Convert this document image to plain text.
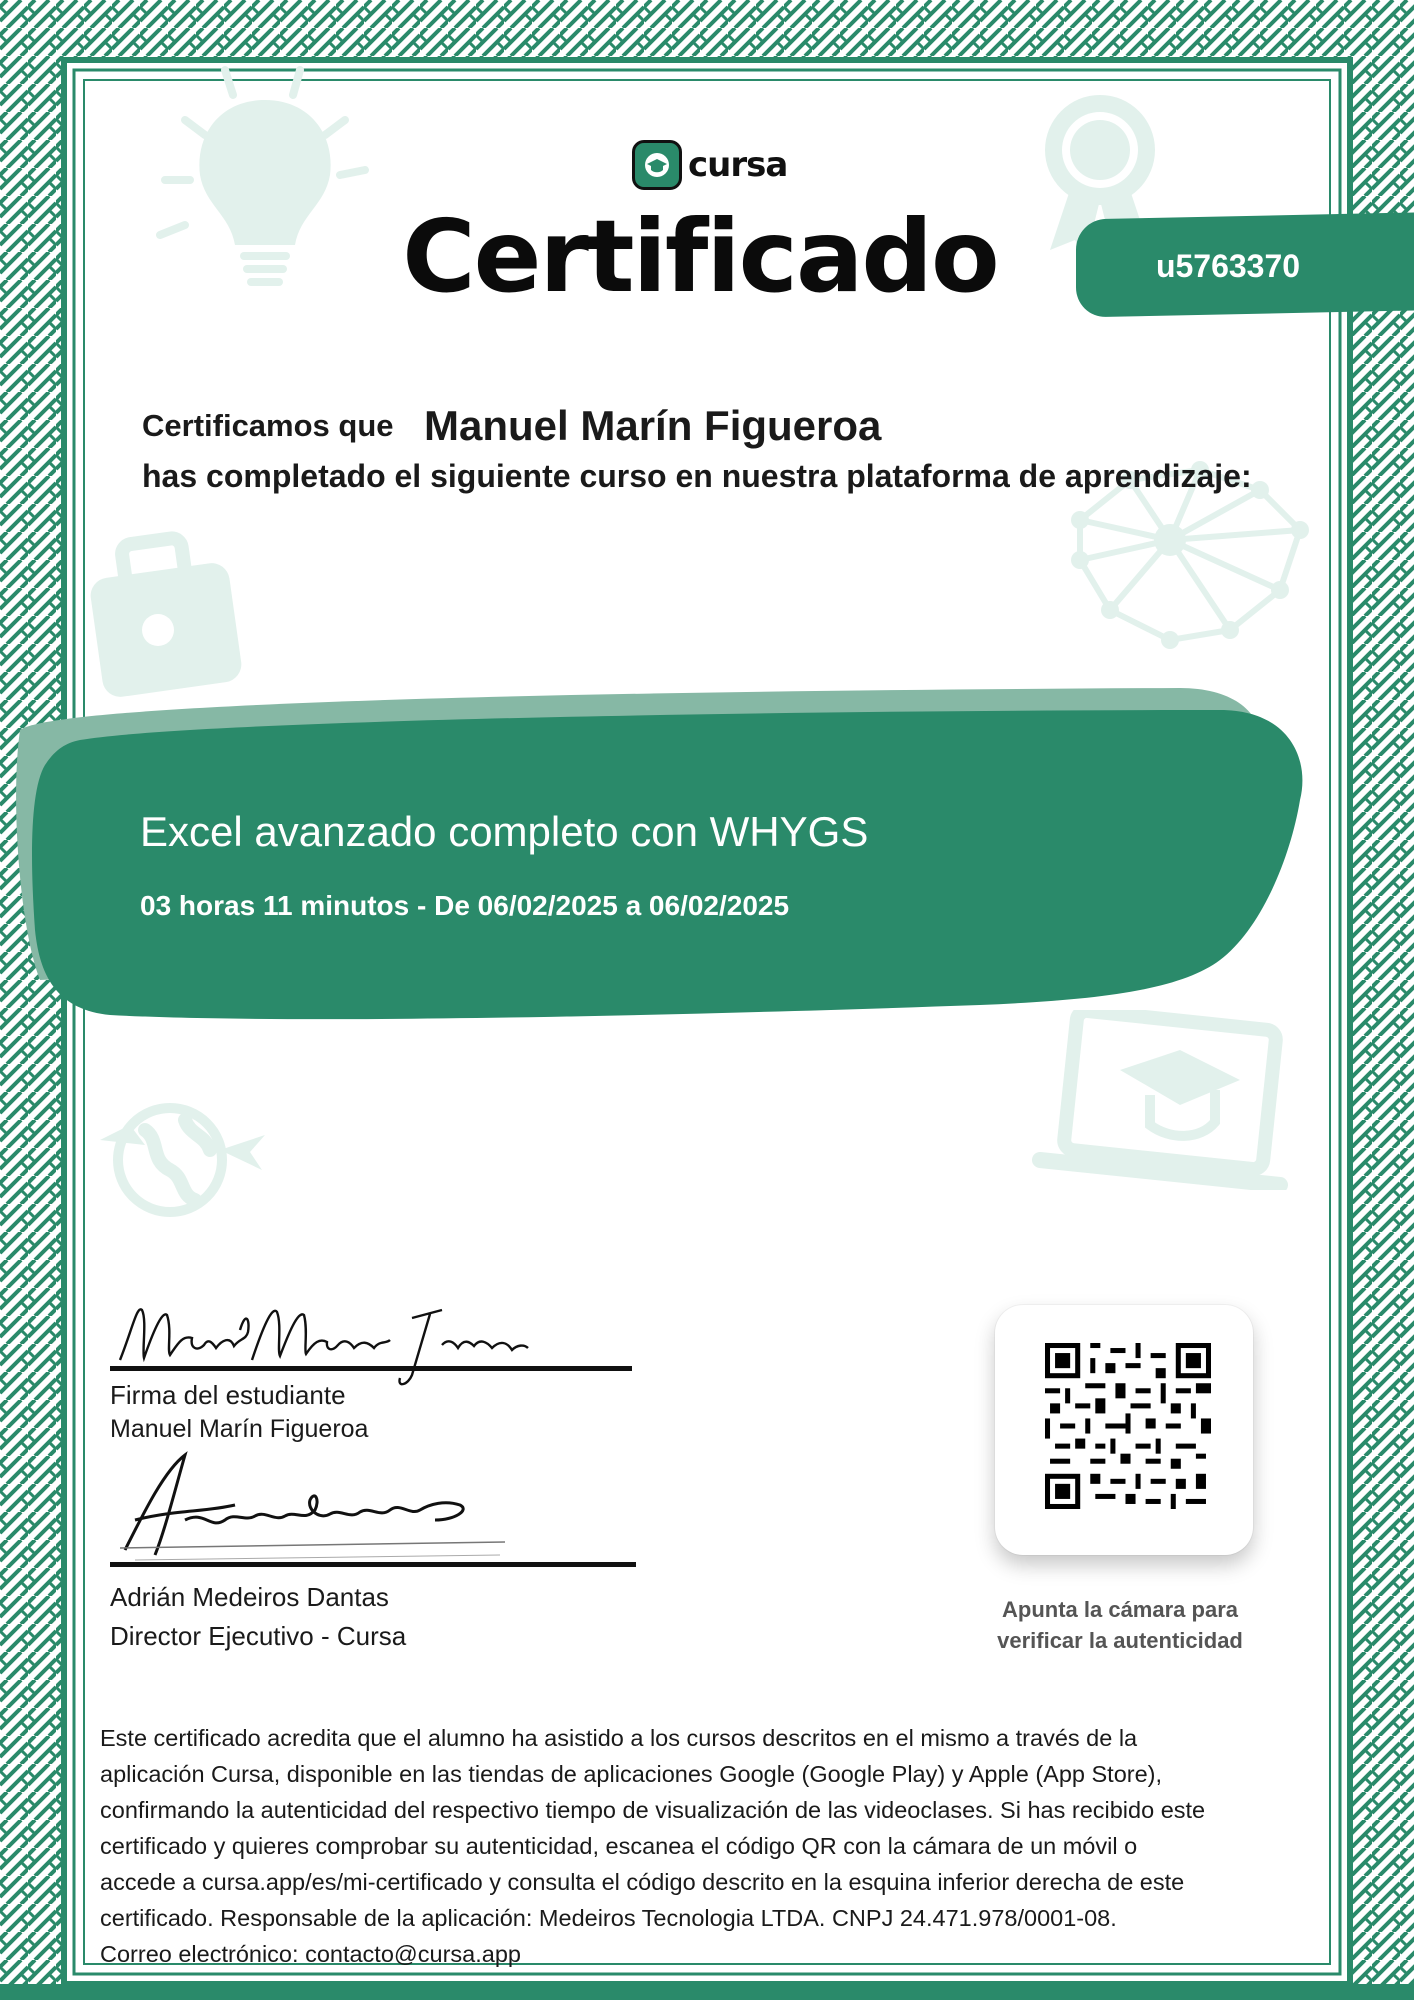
cursa
Certificado	u5763370
Certificamos que Manuel Marín Figueroa
has completado el siguiente curso en nuestra plataforma de aprendizaje:
Excel avanzado completo con WHYGS
03 horas 11 minutos - De 06/02/2025 a 06/02/2025
Firma del estudiante
Manuel Marín Figueroa
Adrián Medeiros Dantas
Director Ejecutivo - Cursa
Apunta la cámara para
verificar la autenticidad
Este certificado acredita que el alumno ha asistido a los cursos descritos en el mismo a través de la
aplicación Cursa, disponible en las tiendas de aplicaciones Google (Google Play) y Apple (App Store),
confirmando la autenticidad del respectivo tiempo de visualización de las videoclases. Si has recibido este
certificado y quieres comprobar su autenticidad, escanea el código QR con la cámara de un móvil o
accede a cursa.app/es/mi-certificado y consulta el código descrito en la esquina inferior derecha de este
certificado. Responsable de la aplicación: Medeiros Tecnologia LTDA. CNPJ 24.471.978/0001-08.
Correo electrónico: contacto@cursa.app
